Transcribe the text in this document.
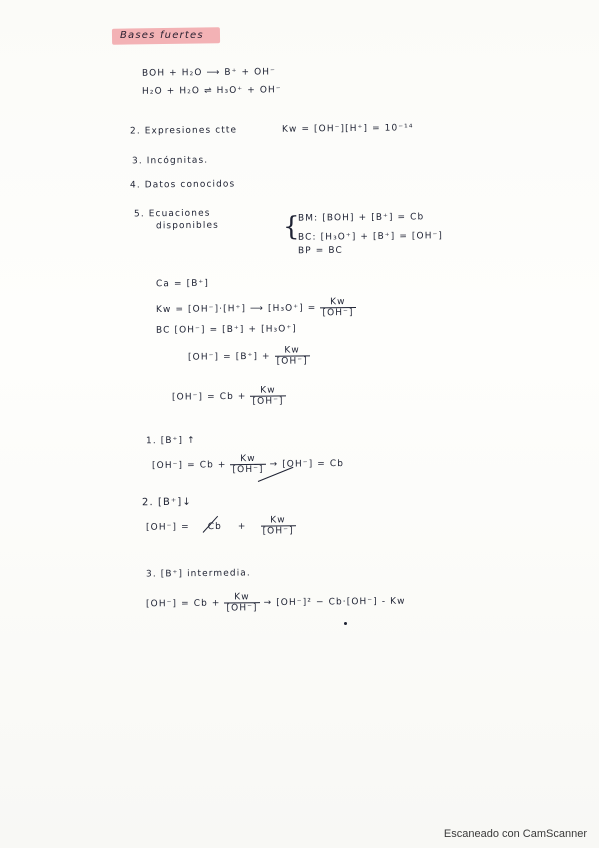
Bases fuertes
BOH + H₂O ⟶ B⁺ + OH⁻
H₂O + H₂O ⇌ H₃O⁺ + OH⁻
2. Expresiones ctte	Kw = [OH⁻][H⁺] = 10⁻¹⁴
3. Incógnitas.
4. Datos conocidos
5. Ecuaciones
disponibles {
BM: [BOH] + [B⁺] = Cb
BC: [H₃O⁺] + [B⁺] = [OH⁻]
BP = BC
Ca = [B⁺]
Kw = [OH⁻]·[H⁺] ⟶ $[H_3O^+] = \frac{Kw}{[OH^-]}$
BC [OH⁻] = [B⁺] + [H₃O⁺]
$[OH^-] = [B^+] + \frac{Kw}{[OH^-]}$
$[OH^-] = Cb + \frac{Kw}{[OH^-]}$
1. [B⁺] ↑
$[OH^-] = Cb + \frac{Kw}{[OH^-]} \to [OH^-] = Cb$
2. [B⁺]↓
$[OH^-] = Cb + \frac{Kw}{[OH^-]}$
3. [B⁺] intermedia.
$[OH^-] = Cb + \frac{Kw}{[OH^-]} \to [OH^-]^2 - Cb\cdot[OH^-] - Kw$
Escaneado con CamScanner
